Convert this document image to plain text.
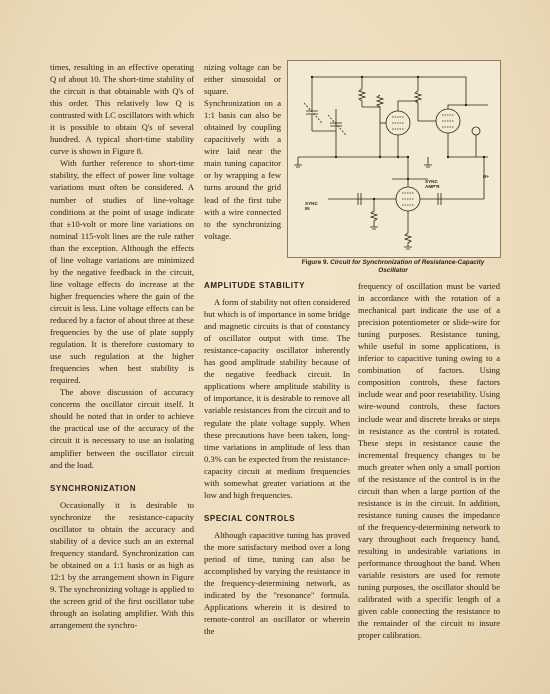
times, resulting in an effective operating Q of about 10. The short-time stability of the circuit is that obtainable with Q's of this order. This relatively low Q is contrasted with LC oscillators with which it is possible to obtain Q's of several hundred. A typical short-time stability curve is shown in Figure 8.

With further reference to short-time stability, the effect of power line voltage variations must often be considered. A number of studies of line-voltage conditions at the point of usage indicate that ±10-volt or more line variations on nominal 115-volt lines are the rule rather than the exception. Although the effects of line voltage variations are minimized by the negative feedback in the circuit, line voltage effects do increase at the higher frequencies where the gain of the circuit is less. Line voltage effects can be reduced by a factor of about three at these frequencies by the use of plate supply regulation. It is therefore customary to use such regulation at the higher frequencies when best stability is required.

The above discussion of accuracy concerns the oscillator circuit itself. It should be noted that in order to achieve the practical use of the accuracy of the circuit it is necessary to use an isolating amplifier between the oscillator circuit and the load.

SYNCHRONIZATION

Occasionally it is desirable to synchronize the resistance-capacity oscillator to obtain the accuracy and stability of a device such an an external frequency standard. Synchronization can be obtained on a 1:1 basis or as high as 12:1 by the arrangement shown in Figure 9. The synchronizing voltage is applied to the screen grid of the first oscillator tube through an isolating amplifier. With this arrangement the synchro-

nizing voltage can be either sinusoidal or square. Synchronization on a 1:1 basis can also be obtained by coupling capacitively with a wire laid near the main tuning capacitor or by wrapping a few turns around the grid lead of the first tube with a wire connected to the synchronizing voltage.

B+
SYNC
AMP'R
SYNC
IN
Figure 9. Circuit for Synchronization of Resistance-Capacity Oscillator
AMPLITUDE STABILITY

A form of stability not often considered but which is of importance in some bridge and magnetic circuits is that of constancy of oscillator output with time. The resistance-capacity oscillator inherently has good amplitude stability because of the negative feedback circuit. In applications where amplitude stability is of importance, it is desirable to remove all variable resistances from the circuit and to regulate the plate voltage supply. When these precautions have been taken, long-time variations in amplitude of less than 0.3% can be expected from the resistance-capacity circuit at medium frequencies with somewhat greater variations at the low and high frequencies.

SPECIAL CONTROLS

Although capacitive tuning has proved the more satisfactory method over a long period of time, tuning can also be accomplished by varying the resistance in the frequency-determining network, as indicated by the "resonance" formula. Applications wherein it is desired to remote-control an oscillator or wherein the

frequency of oscillation must be varied in accordance with the rotation of a mechanical part indicate the use of a precision potentiometer or slide-wire for tuning purposes. Resistance tuning, while useful in some applications, is inferior to capacitive tuning owing to a combination of factors. Using composition controls, these factors include wear and poor resetability. Using wire-wound controls, these factors include wear and discrete breaks or steps in resistance as the control is rotated. These steps in resistance cause the incremental frequency changes to be much greater when only a small portion of the resistance of the control is in the circuit than when a large portion of the resistance is in the circuit. In addition, resistance tuning causes the impedance of the frequency-determining network to vary throughout each frequency band, resulting in undesirable variations in performance throughout the band. When variable resistors are used for remote tuning purposes, the oscillator should be calibrated with a specific length of a given cable connecting the resistance to the remainder of the circuit to insure proper calibration.
